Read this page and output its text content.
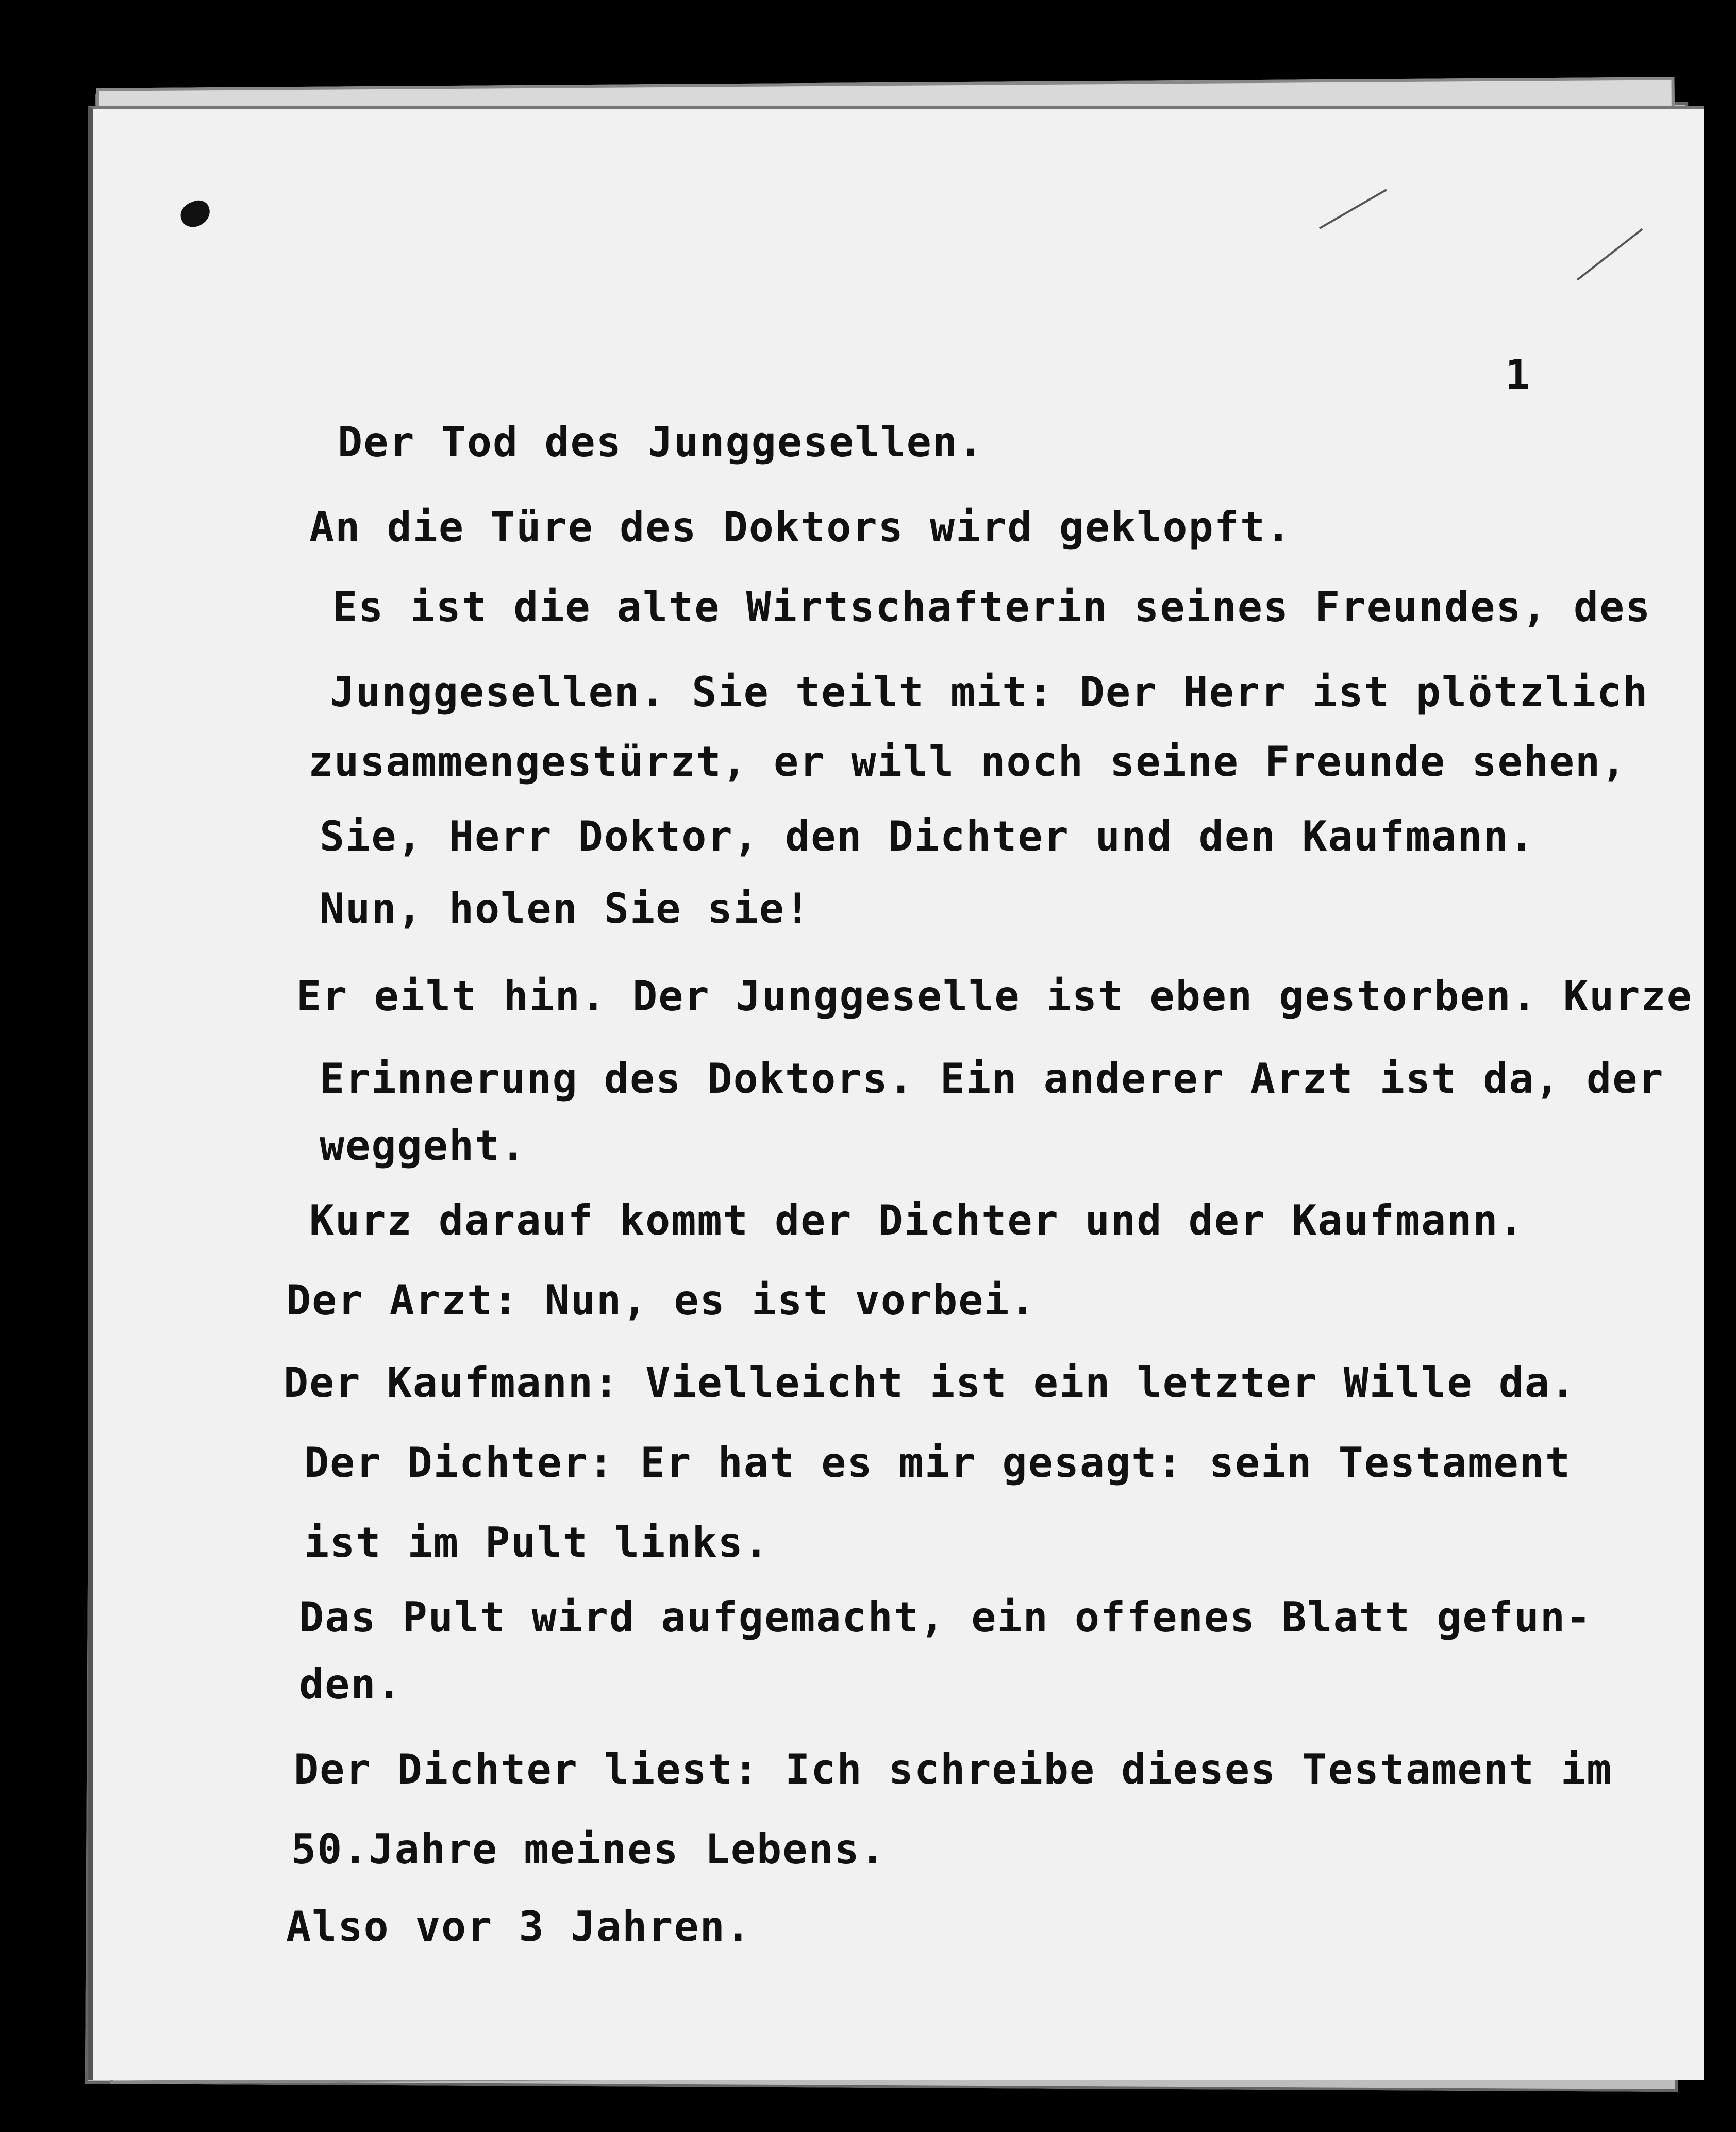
1
Der Tod des Junggesellen.
An die Türe des Doktors wird geklopft.
Es ist die alte Wirtschafterin seines Freundes, des
Junggesellen. Sie teilt mit: Der Herr ist plötzlich
zusammengestürzt, er will noch seine Freunde sehen,
Sie, Herr Doktor, den Dichter und den Kaufmann.
Nun, holen Sie sie!
Er eilt hin. Der Junggeselle ist eben gestorben. Kurze
Erinnerung des Doktors. Ein anderer Arzt ist da, der
weggeht.
Kurz darauf kommt der Dichter und der Kaufmann.
Der Arzt: Nun, es ist vorbei.
Der Kaufmann: Vielleicht ist ein letzter Wille da.
Der Dichter: Er hat es mir gesagt: sein Testament
ist im Pult links.
Das Pult wird aufgemacht, ein offenes Blatt gefun-
den.
Der Dichter liest: Ich schreibe dieses Testament im
50.Jahre meines Lebens.
Also vor 3 Jahren.
